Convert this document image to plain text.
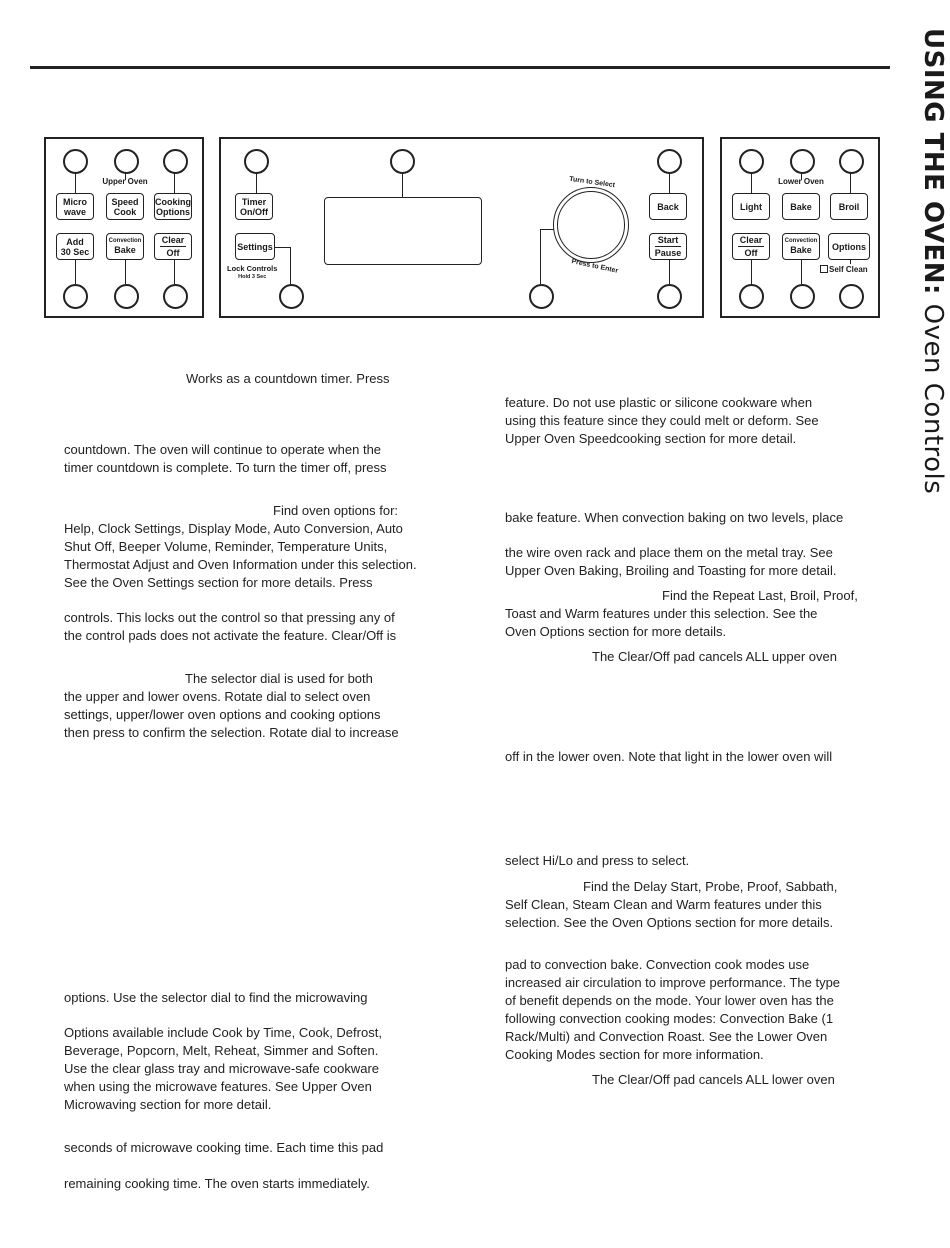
USING THE OVEN: Oven Controls
Upper Oven
Micro
wave
Speed
Cook
Cooking
Options
Add
30 Sec
Convection
Bake
Clear
Off
Timer
On/Off
Settings
Lock Controls
Hold 3 Sec
Turn to Select
Press to Enter
Back
Start
Pause
Lower Oven
Light	Bake	Broil
Clear
Off
Convection
Bake Options
Self Clean
Works as a countdown timer. Press
countdown. The oven will continue to operate when the
timer countdown is complete. To turn the timer off, press
Find oven options for:
Help, Clock Settings, Display Mode, Auto Conversion, Auto
Shut Off, Beeper Volume, Reminder, Temperature Units,
Thermostat Adjust and Oven Information under this selection.
See the Oven Settings section for more details. Press
controls. This locks out the control so that pressing any of
the control pads does not activate the feature. Clear/Off is
The selector dial is used for both
the upper and lower ovens. Rotate dial to select oven
settings, upper/lower oven options and cooking options
then press to confirm the selection. Rotate dial to increase
options. Use the selector dial to find the microwaving
Options available include Cook by Time, Cook, Defrost,
Beverage, Popcorn, Melt, Reheat, Simmer and Soften.
Use the clear glass tray and microwave-safe cookware
when using the microwave features. See Upper Oven
Microwaving section for more detail.
seconds of microwave cooking time. Each time this pad
remaining cooking time. The oven starts immediately.
feature. Do not use plastic or silicone cookware when
using this feature since they could melt or deform. See
Upper Oven Speedcooking section for more detail.
bake feature. When convection baking on two levels, place
the wire oven rack and place them on the metal tray. See
Upper Oven Baking, Broiling and Toasting for more detail.
Find the Repeat Last, Broil, Proof,
Toast and Warm features under this selection. See the
Oven Options section for more details.
The Clear/Off pad cancels ALL upper oven
off in the lower oven. Note that light in the lower oven will
select Hi/Lo and press to select.
Find the Delay Start, Probe, Proof, Sabbath,
Self Clean, Steam Clean and Warm features under this
selection. See the Oven Options section for more details.
pad to convection bake. Convection cook modes use
increased air circulation to improve performance. The type
of benefit depends on the mode. Your lower oven has the
following convection cooking modes: Convection Bake (1
Rack/Multi) and Convection Roast. See the Lower Oven
Cooking Modes section for more information.
The Clear/Off pad cancels ALL lower oven
